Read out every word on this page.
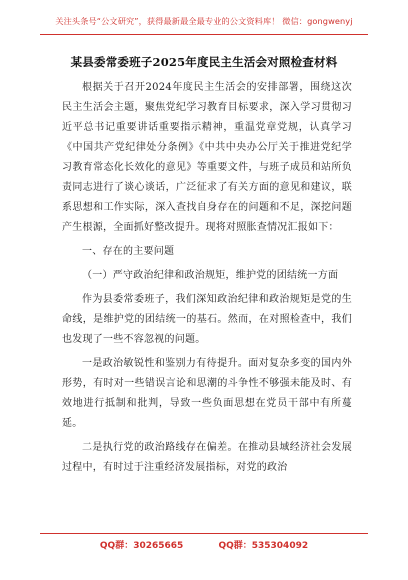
关注头条号“公文研究”，获得最新最全最专业的公文资料库！ 微信：gongwenyj
某县委常委班子2025年度民主生活会对照检查材料

根据关于召开2024年度民主生活会的安排部署，围绕这次民主生活会主题，聚焦党纪学习教育目标要求，深入学习贯彻习近平总书记重要讲话重要指示精神，重温党章党规，认真学习《中国共产党纪律处分条例》《中共中央办公厅关于推进党纪学习教育常态化长效化的意见》等重要文件，与班子成员和站所负责同志进行了谈心谈话，广泛征求了有关方面的意见和建议，联系思想和工作实际，深入查找自身存在的问题和不足，深挖问题产生根源，全面抓好整改提升。现将对照胀查情况汇报如下：

一、存在的主要问题

（一）严守政治纪律和政治规矩，维护党的团结统一方面

作为县委常委班子，我们深知政治纪律和政治规矩是党的生命线，是维护党的团结统一的基石。然而，在对照检查中，我们也发现了一些不容忽视的问题。

一是政治敏锐性和鉴别力有待提升。面对复杂多变的国内外形势，有时对一些错误言论和思潮的斗争性不够强未能及时、有效地进行抵制和批判，导致一些负面思想在党员干部中有所蔓延。

二是执行党的政治路线存在偏差。在推动县域经济社会发展过程中，有时过于注重经济发展指标，对党的政治

QQ群：30265665	QQ群：535304092
